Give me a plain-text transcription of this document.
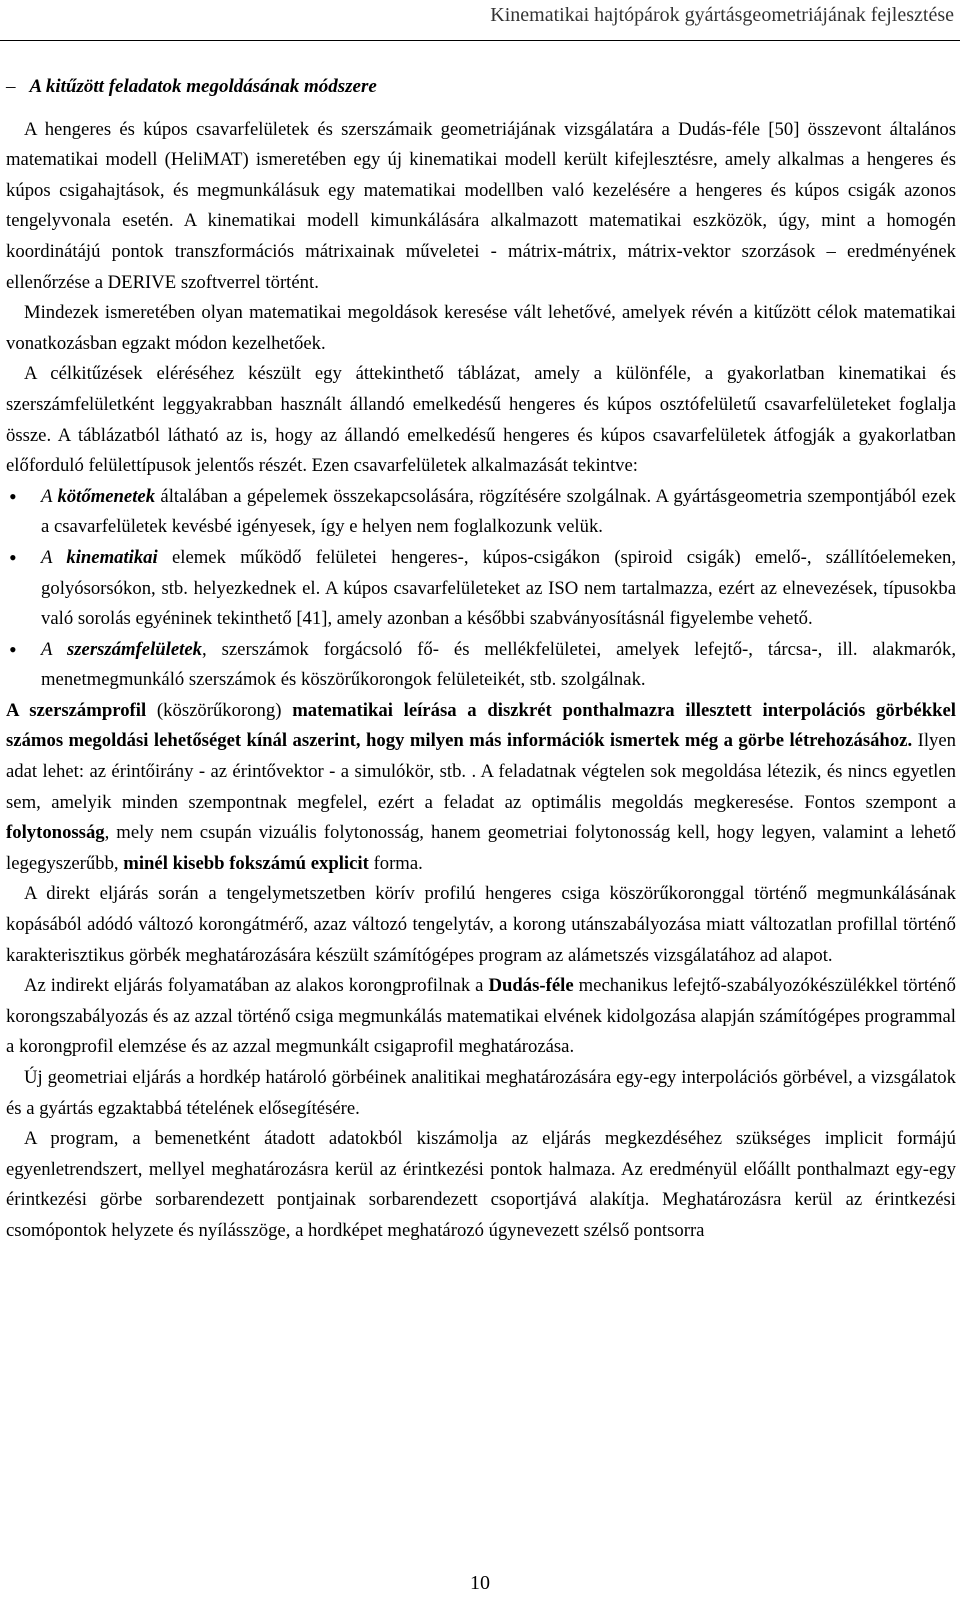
Kinematikai hajtópárok gyártásgeometriájának fejlesztése
– A kitűzött feladatok megoldásának módszere

A hengeres és kúpos csavarfelületek és szerszámaik geometriájának vizsgálatára a Dudás-féle [50] összevont általános matematikai modell (HeliMAT) ismeretében egy új kinematikai modell került kifejlesztésre, amely alkalmas a hengeres és kúpos csigahajtások, és megmunkálásuk egy matematikai modellben való kezelésére a hengeres és kúpos csigák azonos tengelyvonala esetén. A kinematikai modell kimunkálására alkalmazott matematikai eszközök, úgy, mint a homogén koordinátájú pontok transzformációs mátrixainak műveletei - mátrix-mátrix, mátrix-vektor szorzások – eredményének ellenőrzése a DERIVE szoftverrel történt.

Mindezek ismeretében olyan matematikai megoldások keresése vált lehetővé, amelyek révén a kitűzött célok matematikai vonatkozásban egzakt módon kezelhetőek.

A célkitűzések eléréséhez készült egy áttekinthető táblázat, amely a különféle, a gyakorlatban kinematikai és szerszámfelületként leggyakrabban használt állandó emelkedésű hengeres és kúpos osztófelületű csavarfelületeket foglalja össze. A táblázatból látható az is, hogy az állandó emelkedésű hengeres és kúpos csavarfelületek átfogják a gyakorlatban előforduló felülettípusok jelentős részét. Ezen csavarfelületek alkalmazását tekintve:

• A kötőmenetek általában a gépelemek összekapcsolására, rögzítésére szolgálnak. A gyártásgeometria szempontjából ezek a csavarfelületek kevésbé igényesek, így e helyen nem foglalkozunk velük.
• A kinematikai elemek működő felületei hengeres-, kúpos-csigákon (spiroid csigák) emelő-, szállítóelemeken, golyósorsókon, stb. helyezkednek el. A kúpos csavarfelületeket az ISO nem tartalmazza, ezért az elnevezések, típusokba való sorolás egyéninek tekinthető [41], amely azonban a későbbi szabványosításnál figyelembe vehető.
• A szerszámfelületek, szerszámok forgácsoló fő- és mellékfelületei, amelyek lefejtő-, tárcsa-, ill. alakmarók, menetmegmunkáló szerszámok és köszörűkorongok felületeikét, stb. szolgálnak.

A szerszámprofil (köszörűkorong) matematikai leírása a diszkrét ponthalmazra illesztett interpolációs görbékkel számos megoldási lehetőséget kínál aszerint, hogy milyen más információk ismertek még a görbe létrehozásához. Ilyen adat lehet: az érintőirány - az érintővektor - a simulókör, stb. . A feladatnak végtelen sok megoldása létezik, és nincs egyetlen sem, amelyik minden szempontnak megfelel, ezért a feladat az optimális megoldás megkeresése. Fontos szempont a folytonosság, mely nem csupán vizuális folytonosság, hanem geometriai folytonosság kell, hogy legyen, valamint a lehető legegyszerűbb, minél kisebb fokszámú explicit forma.

A direkt eljárás során a tengelymetszetben körív profilú hengeres csiga köszörűkoronggal történő megmunkálásának kopásából adódó változó korongátmérő, azaz változó tengelytáv, a korong utánszabályozása miatt változatlan profillal történő karakterisztikus görbék meghatározására készült számítógépes program az alámetszés vizsgálatához ad alapot.

Az indirekt eljárás folyamatában az alakos korongprofilnak a Dudás-féle mechanikus lefejtő-szabályozókészülékkel történő korongszabályozás és az azzal történő csiga megmunkálás matematikai elvének kidolgozása alapján számítógépes programmal a korongprofil elemzése és az azzal megmunkált csigaprofil meghatározása.

Új geometriai eljárás a hordkép határoló görbéinek analitikai meghatározására egy-egy interpolációs görbével, a vizsgálatok és a gyártás egzaktabbá tételének elősegítésére.

A program, a bemenetként átadott adatokból kiszámolja az eljárás megkezdéséhez szükséges implicit formájú egyenletrendszert, mellyel meghatározásra kerül az érintkezési pontok halmaza. Az eredményül előállt ponthalmazt egy-egy érintkezési görbe sorbarendezett pontjainak sorbarendezett csoportjává alakítja. Meghatározásra kerül az érintkezési csomópontok helyzete és nyílásszöge, a hordképet meghatározó úgynevezett szélső pontsorra

10
